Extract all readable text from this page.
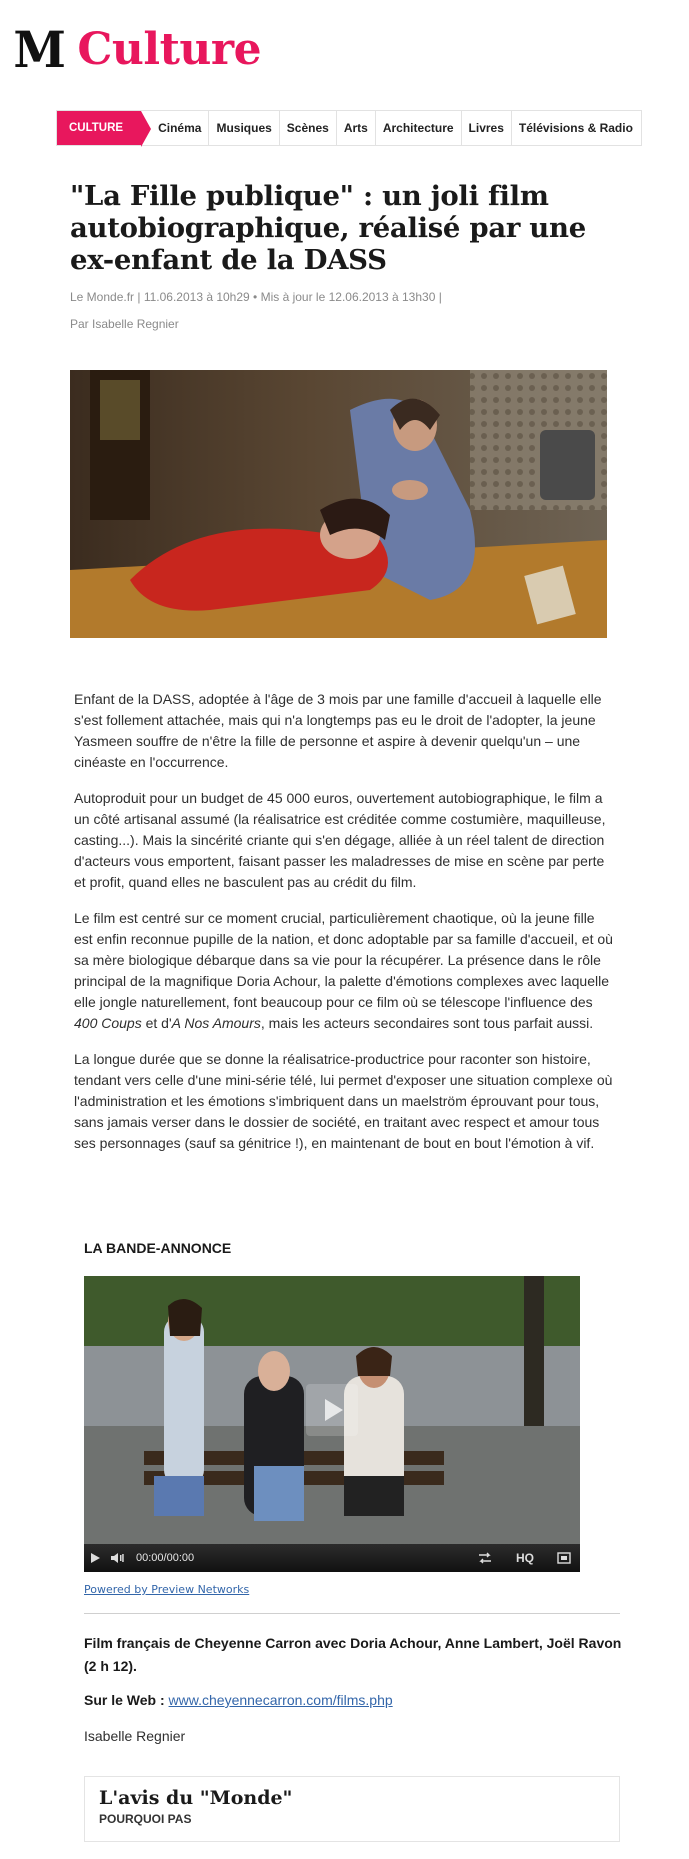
M Culture
CULTURE	Cinéma	Musiques	Scènes	Arts	Architecture	Livres	Télévisions & Radio
"La Fille publique" : un joli film autobiographique, réalisé par une ex-enfant de la DASS
Le Monde.fr | 11.06.2013 à 10h29 • Mis à jour le 12.06.2013 à 13h30 |
Par Isabelle Regnier

Enfant de la DASS, adoptée à l'âge de 3 mois par une famille d'accueil à laquelle elle s'est follement attachée, mais qui n'a longtemps pas eu le droit de l'adopter, la jeune Yasmeen souffre de n'être la fille de personne et aspire à devenir quelqu'un – une cinéaste en l'occurrence.

Autoproduit pour un budget de 45 000 euros, ouvertement autobiographique, le film a un côté artisanal assumé (la réalisatrice est créditée comme costumière, maquilleuse, casting...). Mais la sincérité criante qui s'en dégage, alliée à un réel talent de direction d'acteurs vous emportent, faisant passer les maladresses de mise en scène par perte et profit, quand elles ne basculent pas au crédit du film.

Le film est centré sur ce moment crucial, particulièrement chaotique, où la jeune fille est enfin reconnue pupille de la nation, et donc adoptable par sa famille d'accueil, et où sa mère biologique débarque dans sa vie pour la récupérer. La présence dans le rôle principal de la magnifique Doria Achour, la palette d'émotions complexes avec laquelle elle jongle naturellement, font beaucoup pour ce film où se télescope l'influence des 400 Coups et d'A Nos Amours, mais les acteurs secondaires sont tous parfait aussi.

La longue durée que se donne la réalisatrice-productrice pour raconter son histoire, tendant vers celle d'une mini-série télé, lui permet d'exposer une situation complexe où l'administration et les émotions s'imbriquent dans un maelström éprouvant pour tous, sans jamais verser dans le dossier de société, en traitant avec respect et amour tous ses personnages (sauf sa génitrice !), en maintenant de bout en bout l'émotion à vif.

LA BANDE-ANNONCE
00:00/00:00	HQ
Powered by Preview Networks
Film français de Cheyenne Carron avec Doria Achour, Anne Lambert, Joël Ravon (2 h 12).
Sur le Web : www.cheyennecarron.com/films.php
Isabelle Regnier
L'avis du "Monde"
POURQUOI PAS
